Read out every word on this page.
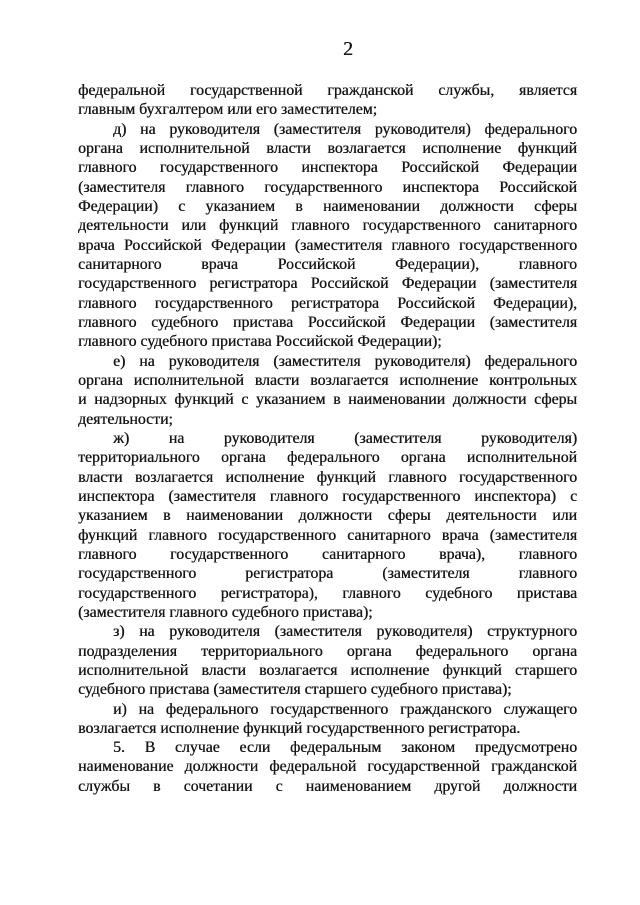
2
федеральной государственной гражданской службы, является
главным бухгалтером или его заместителем;
д) на руководителя (заместителя руководителя) федерального
органа исполнительной власти возлагается исполнение функций
главного государственного инспектора Российской Федерации
(заместителя главного государственного инспектора Российской
Федерации) с указанием в наименовании должности сферы
деятельности или функций главного государственного санитарного
врача Российской Федерации (заместителя главного государственного
санитарного врача Российской Федерации), главного
государственного регистратора Российской Федерации (заместителя
главного государственного регистратора Российской Федерации),
главного судебного пристава Российской Федерации (заместителя
главного судебного пристава Российской Федерации);
е) на руководителя (заместителя руководителя) федерального
органа исполнительной власти возлагается исполнение контрольных
и надзорных функций с указанием в наименовании должности сферы
деятельности;
ж) на руководителя (заместителя руководителя)
территориального органа федерального органа исполнительной
власти возлагается исполнение функций главного государственного
инспектора (заместителя главного государственного инспектора) с
указанием в наименовании должности сферы деятельности или
функций главного государственного санитарного врача (заместителя
главного государственного санитарного врача), главного
государственного регистратора (заместителя главного
государственного регистратора), главного судебного пристава
(заместителя главного судебного пристава);
з) на руководителя (заместителя руководителя) структурного
подразделения территориального органа федерального органа
исполнительной власти возлагается исполнение функций старшего
судебного пристава (заместителя старшего судебного пристава);
и) на федерального государственного гражданского служащего
возлагается исполнение функций государственного регистратора.
5. В случае если федеральным законом предусмотрено
наименование должности федеральной государственной гражданской
службы в сочетании с наименованием другой должности
